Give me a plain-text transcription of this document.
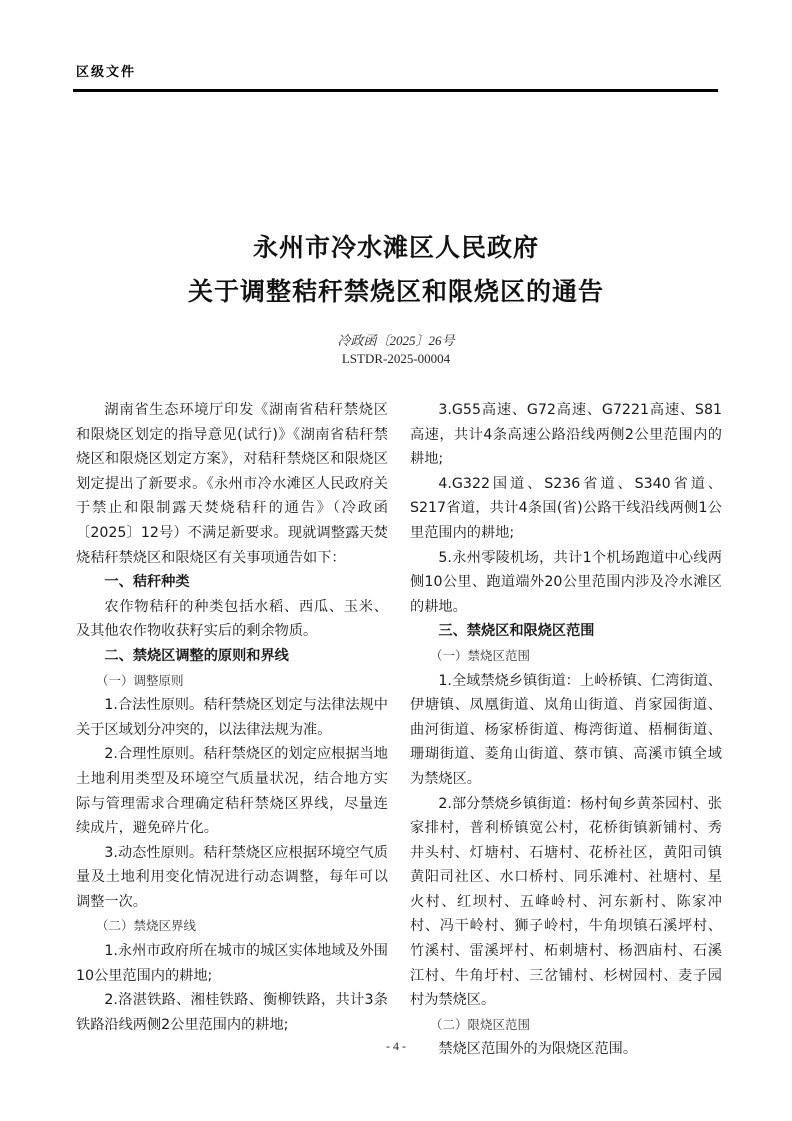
区级文件
永州市冷水滩区人民政府
关于调整秸秆禁烧区和限烧区的通告
冷政函〔2025〕26号
LSTDR-2025-00004

湖南省生态环境厅印发《湖南省秸秆禁烧区和限烧区划定的指导意见(试行)》《湖南省秸秆禁烧区和限烧区划定方案》，对秸秆禁烧区和限烧区划定提出了新要求。《永州市冷水滩区人民政府关于禁止和限制露天焚烧秸秆的通告》（冷政函〔2025〕12号）不满足新要求。现就调整露天焚烧秸秆禁烧区和限烧区有关事项通告如下：

一、秸秆种类

农作物秸秆的种类包括水稻、西瓜、玉米、及其他农作物收获籽实后的剩余物质。

二、禁烧区调整的原则和界线

（一）调整原则

1.合法性原则。秸秆禁烧区划定与法律法规中关于区域划分冲突的，以法律法规为准。

2.合理性原则。秸秆禁烧区的划定应根据当地土地利用类型及环境空气质量状况，结合地方实际与管理需求合理确定秸秆禁烧区界线，尽量连续成片，避免碎片化。

3.动态性原则。秸秆禁烧区应根据环境空气质量及土地利用变化情况进行动态调整，每年可以调整一次。

（二）禁烧区界线

1.永州市政府所在城市的城区实体地域及外围10公里范围内的耕地;

2.洛湛铁路、湘桂铁路、衡柳铁路，共计3条铁路沿线两侧2公里范围内的耕地;

3.G55高速、G72高速、G7221高速、S81高速，共计4条高速公路沿线两侧2公里范围内的耕地;

4.G322国道、S236省道、S340省道、S217省道，共计4条国(省)公路干线沿线两侧1公里范围内的耕地;

5.永州零陵机场，共计1个机场跑道中心线两侧10公里、跑道端外20公里范围内涉及冷水滩区的耕地。

三、禁烧区和限烧区范围

（一）禁烧区范围

1.全域禁烧乡镇街道：上岭桥镇、仁湾街道、伊塘镇、凤凰街道、岚角山街道、肖家园街道、曲河街道、杨家桥街道、梅湾街道、梧桐街道、珊瑚街道、菱角山街道、蔡市镇、高溪市镇全域为禁烧区。

2.部分禁烧乡镇街道：杨村甸乡黄茶园村、张家排村，普利桥镇宽公村，花桥街镇新铺村、秀井头村、灯塘村、石塘村、花桥社区，黄阳司镇黄阳司社区、水口桥村、同乐滩村、社塘村、星火村、红坝村、五峰岭村、河东新村、陈家冲村、冯干岭村、狮子岭村，牛角坝镇石溪坪村、竹溪村、雷溪坪村、柘刺塘村、杨泗庙村、石溪江村、牛角圩村、三岔铺村、杉树园村、麦子园村为禁烧区。

（二）限烧区范围

禁烧区范围外的为限烧区范围。

- 4 -
